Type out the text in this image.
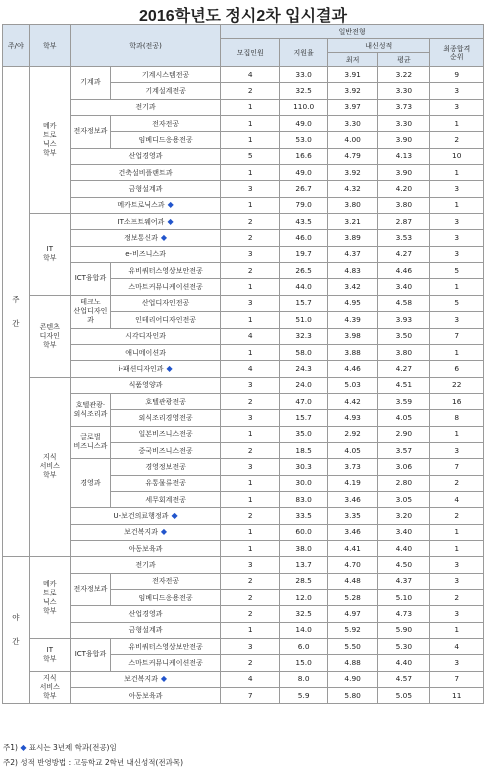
2016학년도 정시2차 입시결과
주/야	학부	학과(전공)		일반전형				
				모집인원	지원율	내신성적		최종합격
순위
						최저	평균	
주

간	메카
트로
닉스
학부	기계과	기계시스템전공	4	33.0	3.91	3.22	9
			기계설계전공	2	32.5	3.92	3.30	3
		전기과		1	110.0	3.97	3.73	3
		전자정보과	전자전공	1	49.0	3.30	3.30	1
			임베디드응용전공	1	53.0	4.00	3.90	2
		산업경영과		5	16.6	4.79	4.13	10
		건축설비플랜트과		1	49.0	3.92	3.90	1
		금형설계과		3	26.7	4.32	4.20	3
		메카트로닉스과 ◆		1	79.0	3.80	3.80	1
	IT
학부	IT소프트웨어과 ◆		2	43.5	3.21	2.87	3
		정보통신과 ◆		2	46.0	3.89	3.53	3
		e-비즈니스과		3	19.7	4.37	4.27	3
		ICT융합과	유비쿼터스영상보안전공	2	26.5	4.83	4.46	5
			스마트커뮤니케이션전공	1	44.0	3.42	3.40	1
	콘텐츠
디자인
학부	테크노
산업디자인과	산업디자인전공	3	15.7	4.95	4.58	5
			인테리어디자인전공	1	51.0	4.39	3.93	3
		시각디자인과		4	32.3	3.98	3.50	7
		애니메이션과		1	58.0	3.88	3.80	1
		i-패션디자인과 ◆		4	24.3	4.46	4.27	6
	지식
서비스
학부	식품영양과		3	24.0	5.03	4.51	22
		호텔관광·
외식조리과	호텔관광전공	2	47.0	4.42	3.59	16
			외식조리경영전공	3	15.7	4.93	4.05	8
		글로벌
비즈니스과	일본비즈니스전공	1	35.0	2.92	2.90	1
			중국비즈니스전공	2	18.5	4.05	3.57	3
		경영과	경영정보전공	3	30.3	3.73	3.06	7
			유통물류전공	1	30.0	4.19	2.80	2
			세무회계전공	1	83.0	3.46	3.05	4
		U-보건의료행정과 ◆		2	33.5	3.35	3.20	2
		보건복지과 ◆		1	60.0	3.46	3.40	1
		아동보육과		1	38.0	4.41	4.40	1
야

간	메카
트로
닉스
학부	전기과		3	13.7	4.70	4.50	3
		전자정보과	전자전공	2	28.5	4.48	4.37	3
			임베디드응용전공	2	12.0	5.28	5.10	2
		산업경영과		2	32.5	4.97	4.73	3
		금형설계과		1	14.0	5.92	5.90	1
	IT
학부	ICT융합과	유비쿼터스영상보안전공	3	6.0	5.50	5.30	4
			스마트커뮤니케이션전공	2	15.0	4.88	4.40	3
	지식
서비스
학부	보건복지과 ◆		4	8.0	4.90	4.57	7
		아동보육과		7	5.9	5.80	5.05	11
주1) ◆ 표시는 3년제 학과(전공)임
주2) 성적 반영방법 : 고등학교 2학년 내신성적(전과목)
